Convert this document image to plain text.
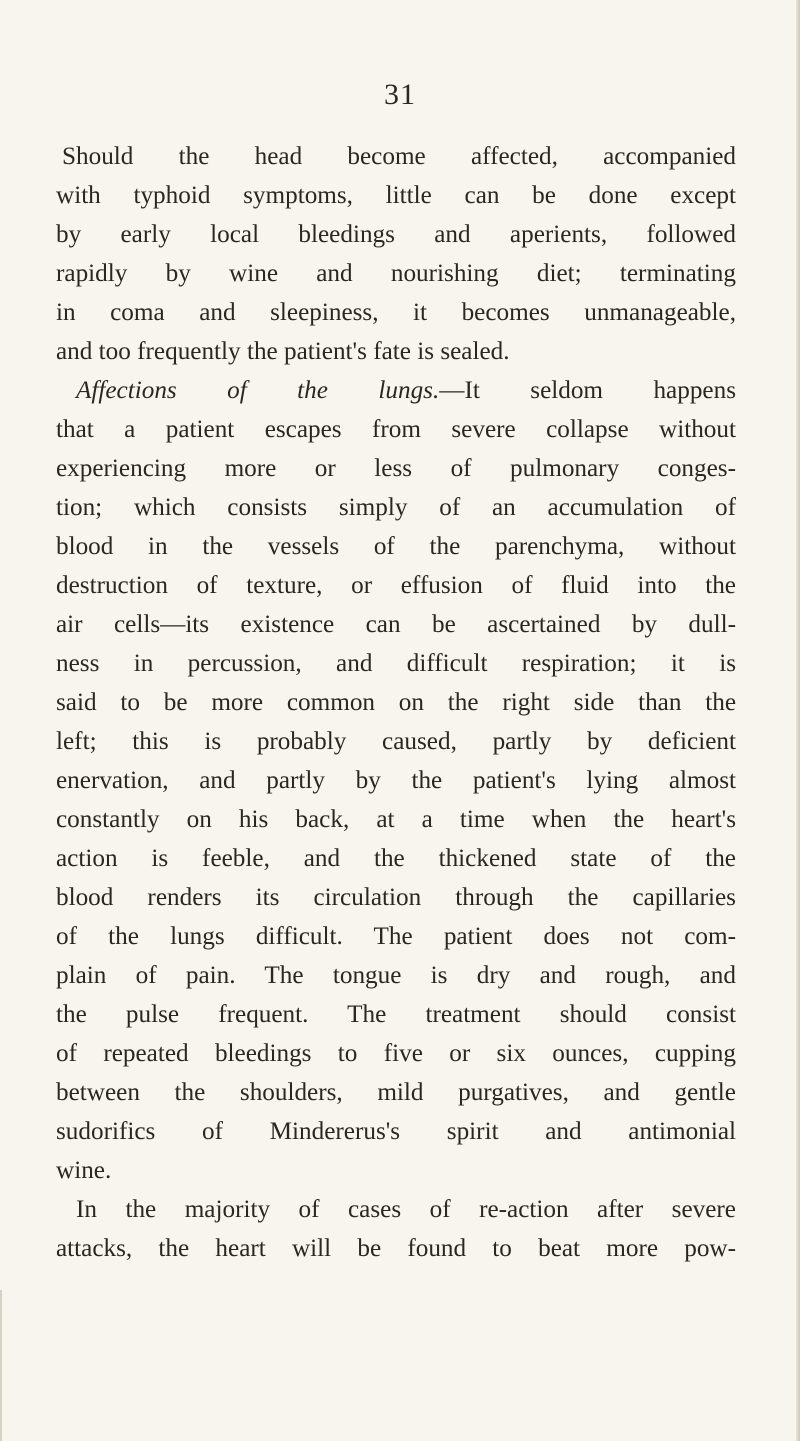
31
Should the head become affected, accompanied
with typhoid symptoms, little can be done except
by early local bleedings and aperients, followed
rapidly by wine and nourishing diet; terminating
in coma and sleepiness, it becomes unmanageable,
and too frequently the patient's fate is sealed.
Affections of the lungs.—It seldom happens
that a patient escapes from severe collapse without
experiencing more or less of pulmonary conges-
tion; which consists simply of an accumulation of
blood in the vessels of the parenchyma, without
destruction of texture, or effusion of fluid into the
air cells—its existence can be ascertained by dull-
ness in percussion, and difficult respiration; it is
said to be more common on the right side than the
left; this is probably caused, partly by deficient
enervation, and partly by the patient's lying almost
constantly on his back, at a time when the heart's
action is feeble, and the thickened state of the
blood renders its circulation through the capillaries
of the lungs difficult. The patient does not com-
plain of pain. The tongue is dry and rough, and
the pulse frequent. The treatment should consist
of repeated bleedings to five or six ounces, cupping
between the shoulders, mild purgatives, and gentle
sudorifics of Mindererus's spirit and antimonial
wine.
In the majority of cases of re-action after severe
attacks, the heart will be found to beat more pow-
